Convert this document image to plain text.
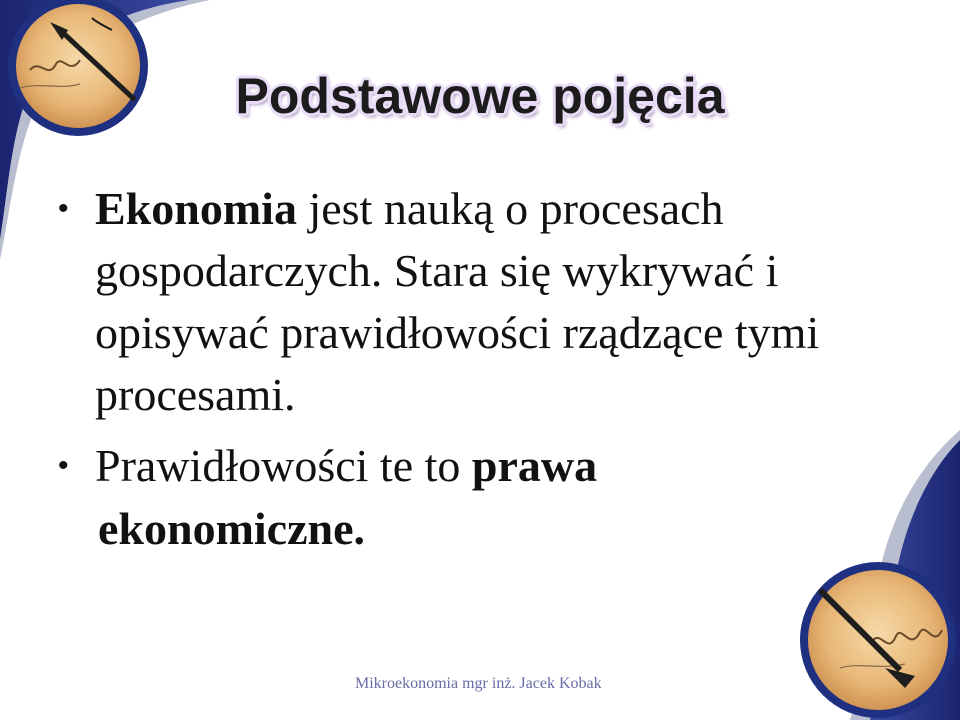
Podstawowe pojęcia
• Ekonomia jest nauką o procesach gospodarczych. Stara się wykrywać i opisywać prawidłowości rządzące tymi procesami.
• Prawidłowości te to prawa
ekonomiczne.
Mikroekonomia mgr inż. Jacek Kobak
